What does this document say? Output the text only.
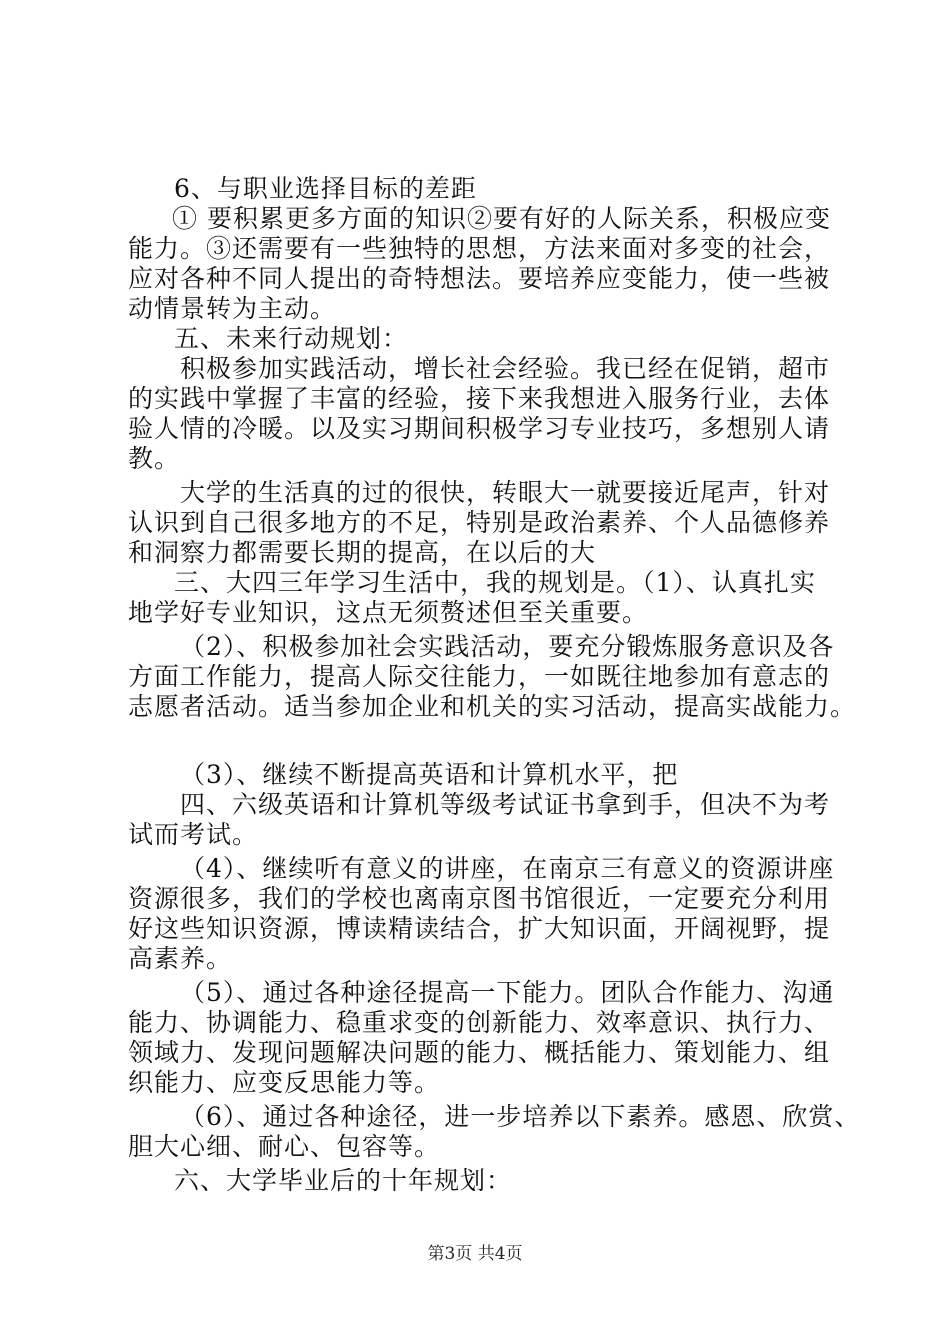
6、与职业选择目标的差距
① 要积累更多方面的知识②要有好的人际关系，积极应变
能力。③还需要有一些独特的思想，方法来面对多变的社会，
应对各种不同人提出的奇特想法。要培养应变能力，使一些被
动情景转为主动。
五、未来行动规划：
积极参加实践活动，增长社会经验。我已经在促销，超市
的实践中掌握了丰富的经验，接下来我想进入服务行业，去体
验人情的冷暖。以及实习期间积极学习专业技巧，多想别人请
教。
大学的生活真的过的很快，转眼大一就要接近尾声，针对
认识到自己很多地方的不足，特别是政治素养、个人品德修养
和洞察力都需要长期的提高，在以后的大
三、大四三年学习生活中，我的规划是。（1）、认真扎实
地学好专业知识，这点无须赘述但至关重要。
（2）、积极参加社会实践活动，要充分锻炼服务意识及各
方面工作能力，提高人际交往能力，一如既往地参加有意志的
志愿者活动。适当参加企业和机关的实习活动，提高实战能力。
（3）、继续不断提高英语和计算机水平，把
四、六级英语和计算机等级考试证书拿到手，但决不为考
试而考试。
（4）、继续听有意义的讲座，在南京三有意义的资源讲座
资源很多，我们的学校也离南京图书馆很近，一定要充分利用
好这些知识资源，博读精读结合，扩大知识面，开阔视野，提
高素养。
（5）、通过各种途径提高一下能力。团队合作能力、沟通
能力、协调能力、稳重求变的创新能力、效率意识、执行力、
领域力、发现问题解决问题的能力、概括能力、策划能力、组
织能力、应变反思能力等。
（6）、通过各种途径，进一步培养以下素养。感恩、欣赏、
胆大心细、耐心、包容等。
六、大学毕业后的十年规划：
第3页 共4页
